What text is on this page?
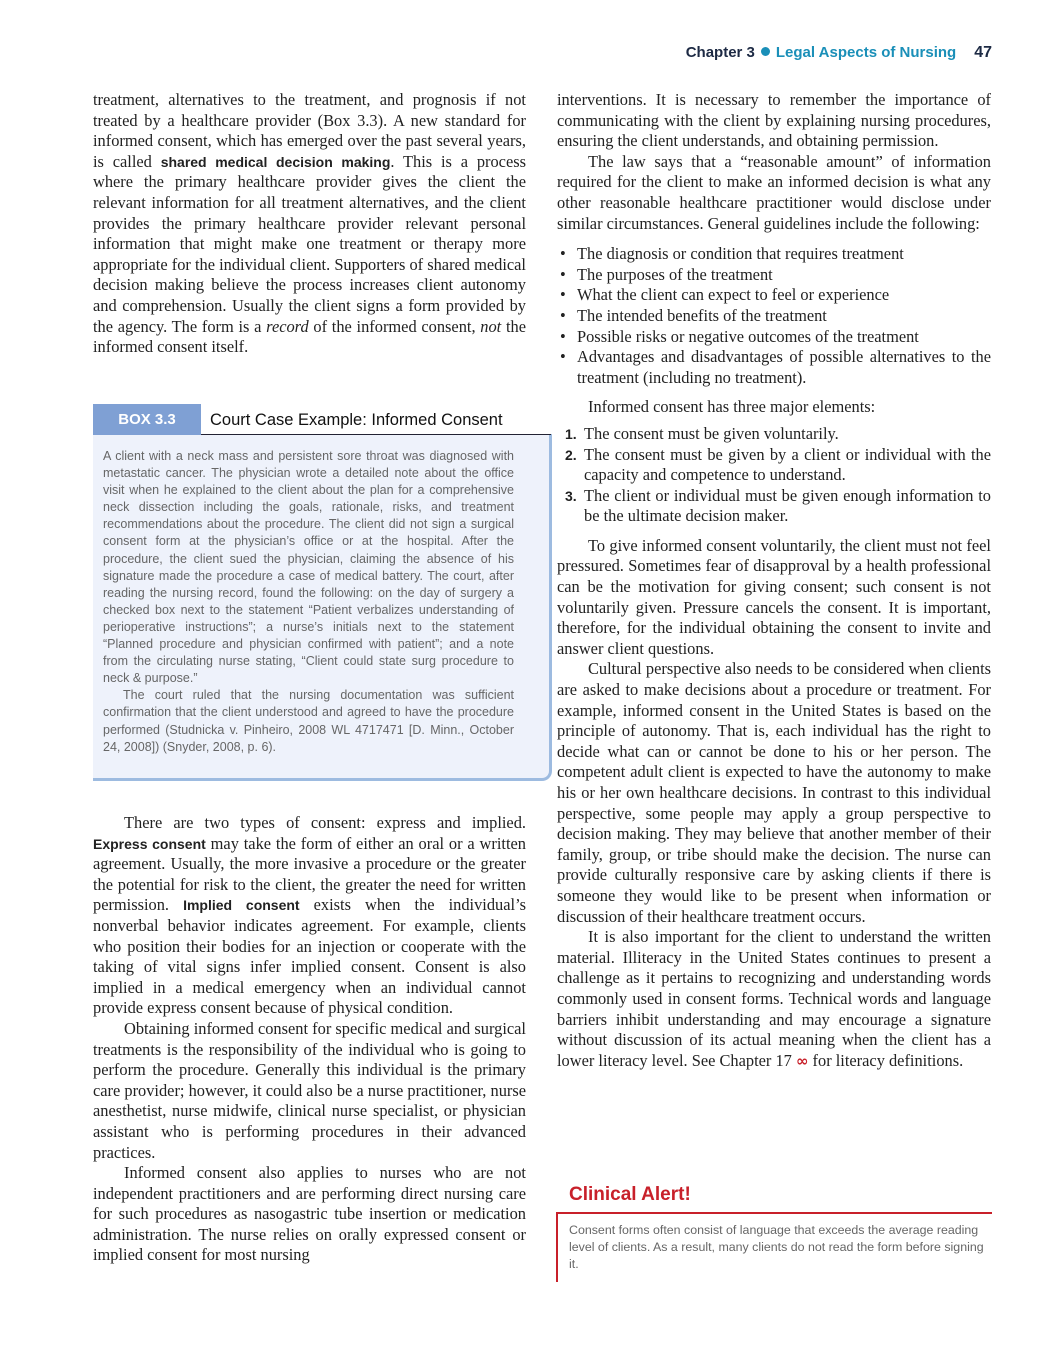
Chapter 3 Legal Aspects of Nursing 47

treatment, alternatives to the treatment, and prognosis if not treated by a healthcare provider (Box 3.3). A new standard for informed consent, which has emerged over the past several years, is called shared medical decision making. This is a process where the primary healthcare provider gives the client the relevant information for all treatment alternatives, and the client provides the primary healthcare provider relevant personal information that might make one treatment or therapy more appropriate for the individual client. Supporters of shared medical decision making believe the process increases client autonomy and comprehension. Usually the client signs a form provided by the agency. The form is a record of the informed consent, not the informed consent itself.

BOX 3.3	Court Case Example: Informed Consent

A client with a neck mass and persistent sore throat was diagnosed with metastatic cancer. The physician wrote a detailed note about the office visit when he explained to the client about the plan for a comprehensive neck dissection including the goals, rationale, risks, and treatment recommendations about the procedure. The client did not sign a surgical consent form at the physician’s office or at the hospital. After the procedure, the client sued the physician, claiming the absence of his signature made the procedure a case of medical battery. The court, after reading the nursing record, found the following: on the day of surgery a checked box next to the statement “Patient verbalizes understanding of perioperative instructions”; a nurse’s initials next to the statement “Planned procedure and physician confirmed with patient”; and a note from the circulating nurse stating, “Client could state surg procedure to neck & purpose.”

The court ruled that the nursing documentation was sufficient confirmation that the client understood and agreed to have the procedure performed (Studnicka v. Pinheiro, 2008 WL 4717471 [D. Minn., October 24, 2008]) (Snyder, 2008, p. 6).

There are two types of consent: express and implied. Express consent may take the form of either an oral or a written agreement. Usually, the more invasive a procedure or the greater the potential for risk to the client, the greater the need for written permission. Implied consent exists when the individual’s nonverbal behavior indicates agreement. For example, clients who position their bodies for an injection or cooperate with the taking of vital signs infer implied consent. Consent is also implied in a medical emergency when an individual cannot provide express consent because of physical condition.

Obtaining informed consent for specific medical and surgical treatments is the responsibility of the individual who is going to perform the procedure. Generally this individual is the primary care provider; however, it could also be a nurse practitioner, nurse anesthetist, nurse midwife, clinical nurse specialist, or physician assistant who is performing procedures in their advanced practices.

Informed consent also applies to nurses who are not independent practitioners and are performing direct nursing care for such procedures as nasogastric tube insertion or medication administration. The nurse relies on orally expressed consent or implied consent for most nursing

interventions. It is necessary to remember the importance of communicating with the client by explaining nursing procedures, ensuring the client understands, and obtaining permission.

The law says that a “reasonable amount” of information required for the client to make an informed decision is what any other reasonable healthcare practitioner would disclose under similar circumstances. General guidelines include the following:

• The diagnosis or condition that requires treatment
• The purposes of the treatment
• What the client can expect to feel or experience
• The intended benefits of the treatment
• Possible risks or negative outcomes of the treatment
• Advantages and disadvantages of possible alternatives to the treatment (including no treatment).

Informed consent has three major elements:

1. The consent must be given voluntarily.
2. The consent must be given by a client or individual with the capacity and competence to understand.
3. The client or individual must be given enough information to be the ultimate decision maker.

To give informed consent voluntarily, the client must not feel pressured. Sometimes fear of disapproval by a health professional can be the motivation for giving consent; such consent is not voluntarily given. Pressure cancels the consent. It is important, therefore, for the individual obtaining the consent to invite and answer client questions.

Cultural perspective also needs to be considered when clients are asked to make decisions about a procedure or treatment. For example, informed consent in the United States is based on the principle of autonomy. That is, each individual has the right to decide what can or cannot be done to his or her person. The competent adult client is expected to have the autonomy to make his or her own healthcare decisions. In contrast to this individual perspective, some people may apply a group perspective to decision making. They may believe that another member of their family, group, or tribe should make the decision. The nurse can provide culturally responsive care by asking clients if there is someone they would like to be present when information or discussion of their healthcare treatment occurs.

It is also important for the client to understand the written material. Illiteracy in the United States continues to present a challenge as it pertains to recognizing and understanding words commonly used in consent forms. Technical words and language barriers inhibit understanding and may encourage a signature without discussion of its actual meaning when the client has a lower literacy level. See Chapter 17 ∞ for literacy definitions.

Clinical Alert!
Consent forms often consist of language that exceeds the average reading level of clients. As a result, many clients do not read the form before signing it.
